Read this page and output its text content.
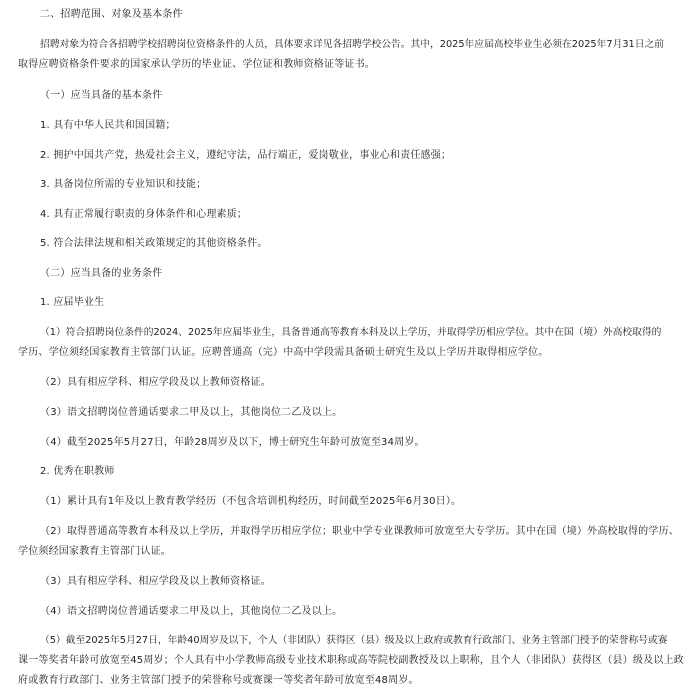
二、招聘范围、对象及基本条件
招聘对象为符合各招聘学校招聘岗位资格条件的人员，具体要求详见各招聘学校公告。其中，2025年应届高校毕业生必须在2025年7月31日之前
取得应聘资格条件要求的国家承认学历的毕业证、学位证和教师资格证等证书。
（一）应当具备的基本条件
1. 具有中华人民共和国国籍；
2. 拥护中国共产党，热爱社会主义，遵纪守法，品行端正，爱岗敬业，事业心和责任感强；
3. 具备岗位所需的专业知识和技能；
4. 具有正常履行职责的身体条件和心理素质；
5. 符合法律法规和相关政策规定的其他资格条件。
（二）应当具备的业务条件
1. 应届毕业生
（1）符合招聘岗位条件的2024、2025年应届毕业生，具备普通高等教育本科及以上学历，并取得学历相应学位。其中在国（境）外高校取得的
学历、学位须经国家教育主管部门认证。应聘普通高（完）中高中学段需具备硕士研究生及以上学历并取得相应学位。
（2）具有相应学科、相应学段及以上教师资格证。
（3）语文招聘岗位普通话要求二甲及以上，其他岗位二乙及以上。
（4）截至2025年5月27日，年龄28周岁及以下，博士研究生年龄可放宽至34周岁。
2. 优秀在职教师
（1）累计具有1年及以上教育教学经历（不包含培训机构经历，时间截至2025年6月30日）。
（2）取得普通高等教育本科及以上学历，并取得学历相应学位；职业中学专业课教师可放宽至大专学历。其中在国（境）外高校取得的学历、
学位须经国家教育主管部门认证。
（3）具有相应学科、相应学段及以上教师资格证。
（4）语文招聘岗位普通话要求二甲及以上，其他岗位二乙及以上。
（5）截至2025年5月27日，年龄40周岁及以下，个人（非团队）获得区（县）级及以上政府或教育行政部门、业务主管部门授予的荣誉称号或赛
课一等奖者年龄可放宽至45周岁；个人具有中小学教师高级专业技术职称或高等院校副教授及以上职称，且个人（非团队）获得区（县）级及以上政
府或教育行政部门、业务主管部门授予的荣誉称号或赛课一等奖者年龄可放宽至48周岁。
